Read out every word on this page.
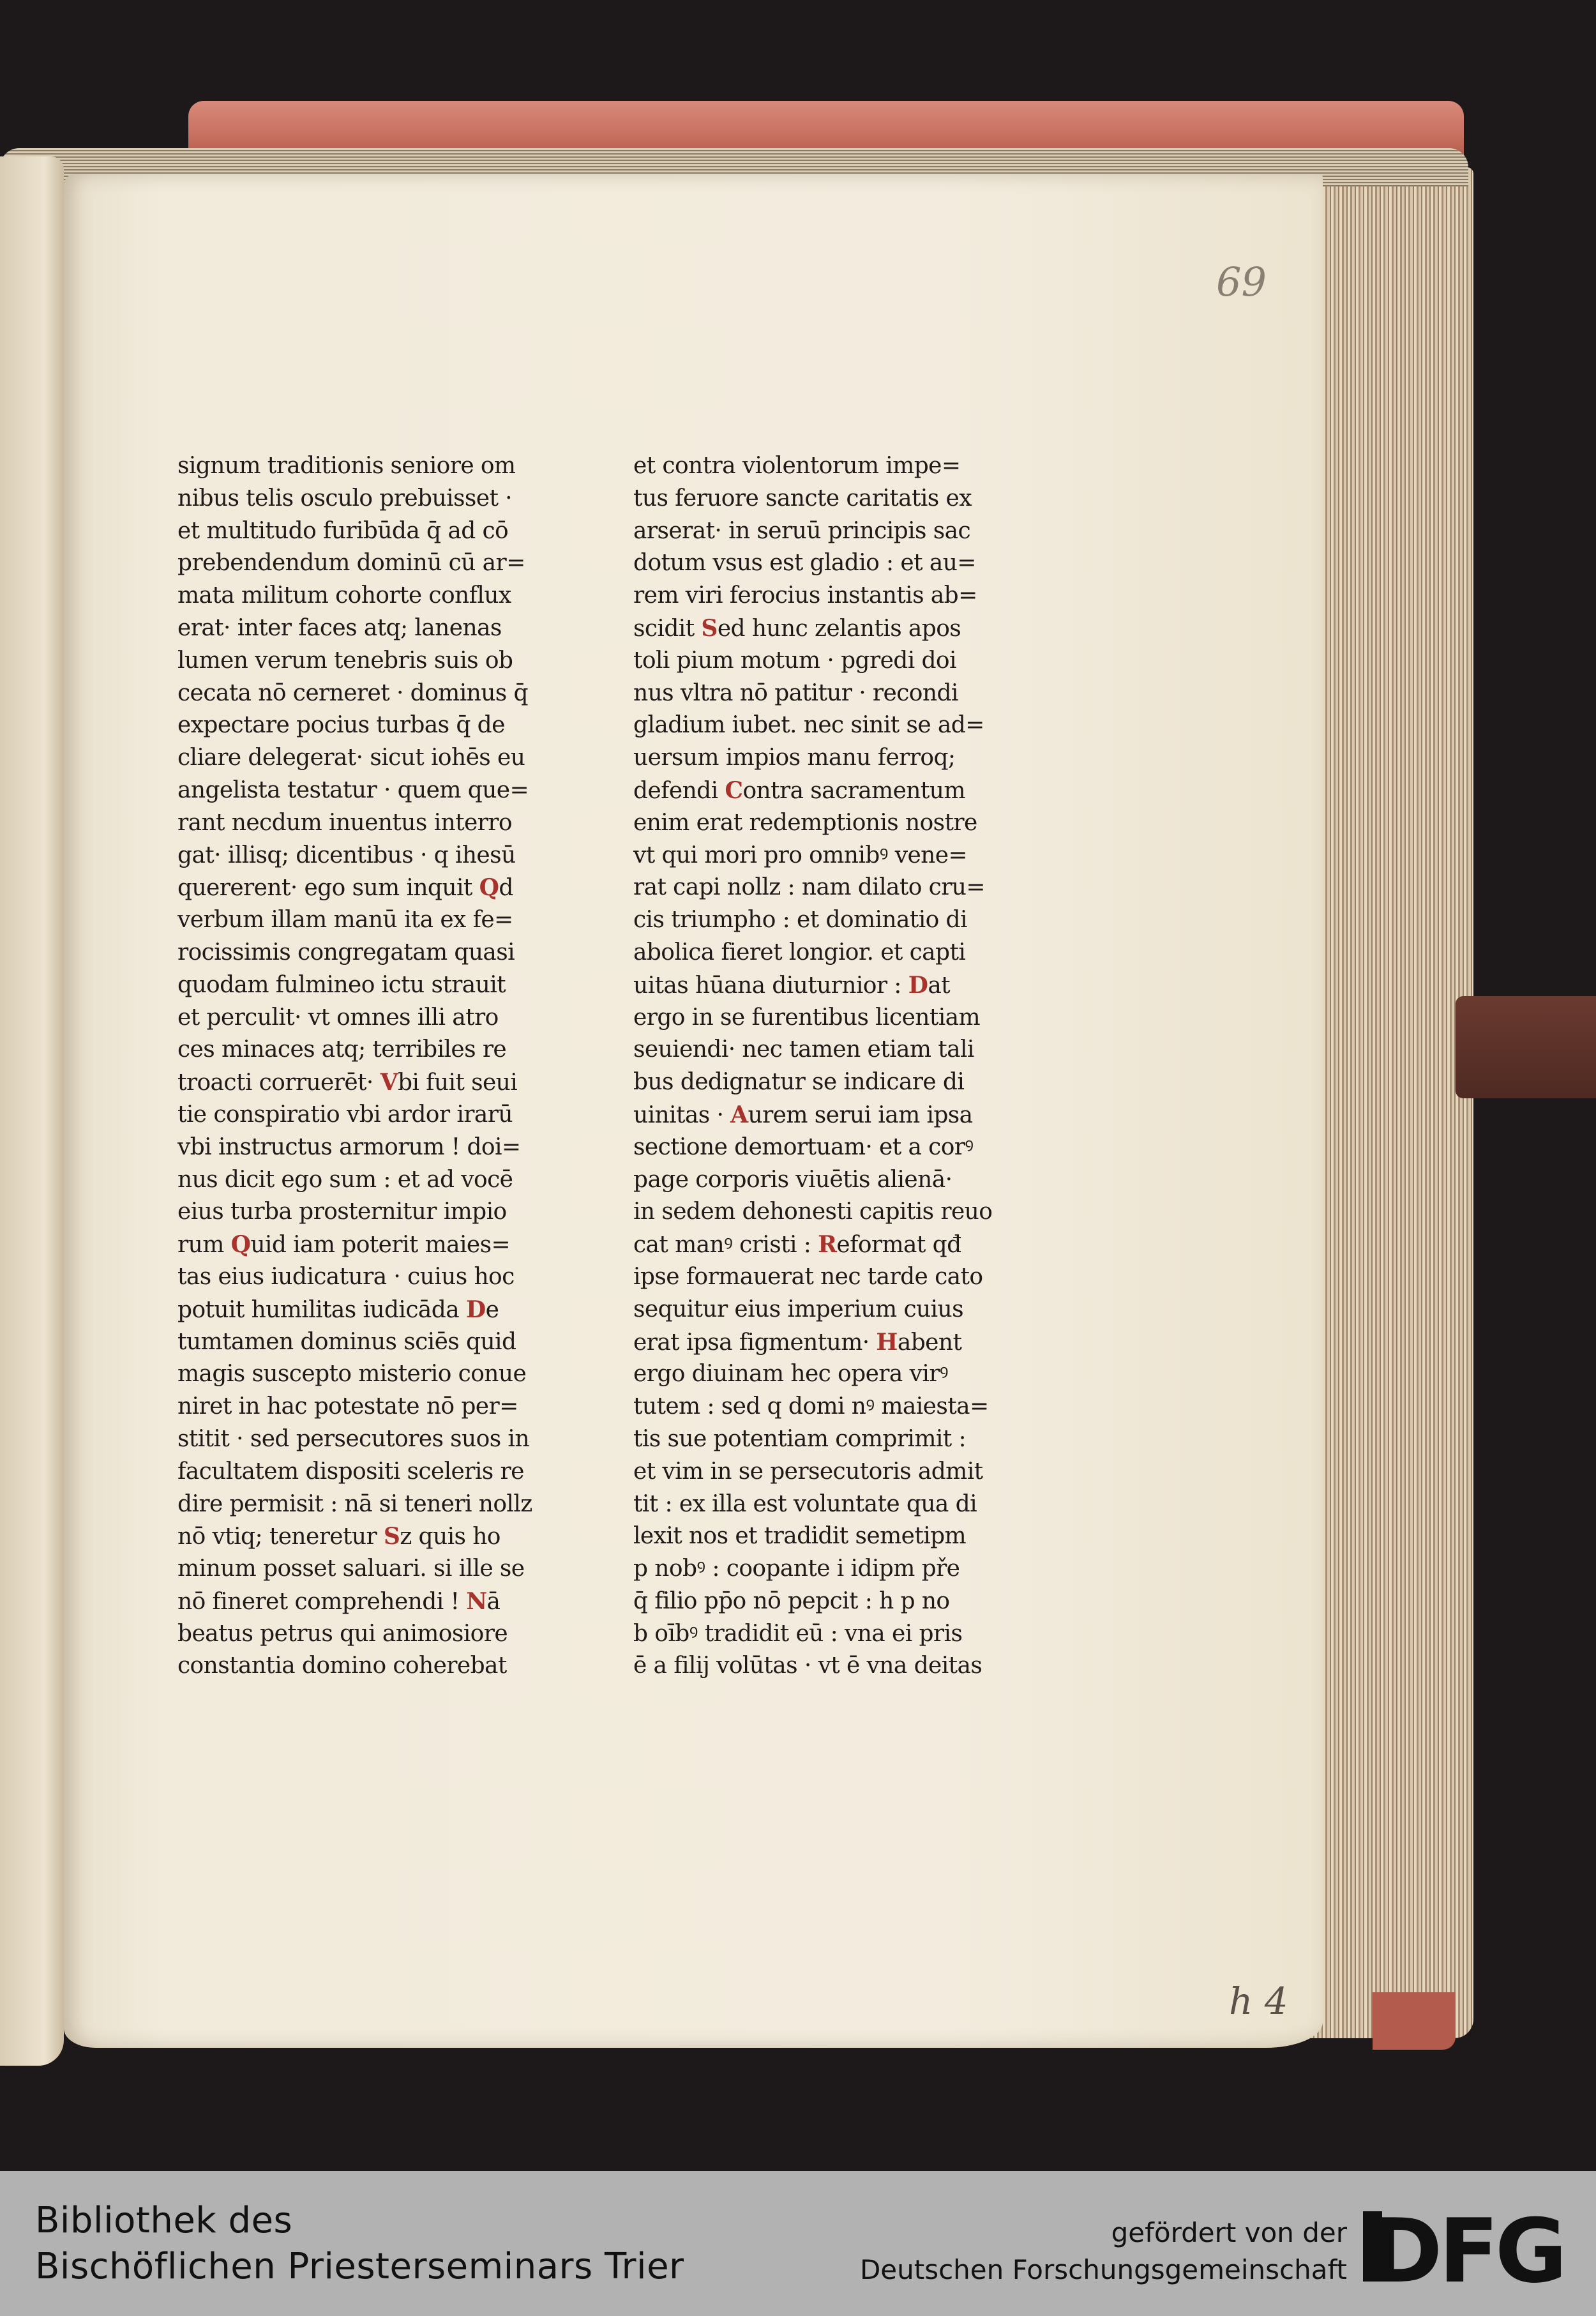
69
h 4
signum traditionis seniore om
nibus telis osculo prebuisset ·
et multitudo furibūda q̄ ad cō
prebendendum dominū cū ar=
mata militum cohorte conflux
erat· inter faces atq; lanenas
lumen verum tenebris suis ob
cecata nō cerneret · dominus q̄
expectare pocius turbas q̄ de
cliare delegerat· sicut iohēs eu
angelista testatur · quem que=
rant necdum inuentus interro
gat· illisq; dicentibus · q ihesū
quererent· ego sum inquit Qd
verbum illam manū ita ex fe=
rocissimis congregatam quasi
quodam fulmineo ictu strauit
et perculit· vt omnes illi atro
ces minaces atq; terribiles re
troacti corruerēt· Vbi fuit seui
tie conspiratio vbi ardor irarū
vbi instructus armorum ! doi=
nus dicit ego sum : et ad vocē
eius turba prosternitur impio
rum Quid iam poterit maies=
tas eius iudicatura · cuius hoc
potuit humilitas iudicāda De
tumtamen dominus sciēs quid
magis suscepto misterio conue
niret in hac potestate nō per=
stitit · sed persecutores suos in
facultatem dispositi sceleris re
dire permisit : nā si teneri nollz
nō vtiq; teneretur Sz quis ho
minum posset saluari. si ille se
nō fineret comprehendi ! Nā
beatus petrus qui animosiore
constantia domino coherebat
et contra violentorum impe=
tus feruore sancte caritatis ex
arserat· in seruū principis sac
dotum vsus est gladio : et au=
rem viri ferocius instantis ab=
scidit Sed hunc zelantis apos
toli pium motum · pgredi doi
nus vltra nō patitur · recondi
gladium iubet. nec sinit se ad=
uersum impios manu ferroq;
defendi Contra sacramentum
enim erat redemptionis nostre
vt qui mori pro omnibꝰ vene=
rat capi nollz : nam dilato cru=
cis triumpho : et dominatio di
abolica fieret longior. et capti
uitas hūana diuturnior : Dat
ergo in se furentibus licentiam
seuiendi· nec tamen etiam tali
bus dedignatur se indicare di
uinitas · Aurem serui iam ipsa
sectione demortuam· et a corꝰ
page corporis viuētis alienā·
in sedem dehonesti capitis reuo
cat manꝰ cristi : Reformat qđ
ipse formauerat nec tarde cato
sequitur eius imperium cuius
erat ipsa figmentum· Habent
ergo diuinam hec opera virꝰ
tutem : sed q domi nꝰ maiesta=
tis sue potentiam comprimit :
et vim in se persecutoris admit
tit : ex illa est voluntate qua di
lexit nos et tradidit semetipm
p nobꝰ : coopante i idipm pře
q̄ filio pp̄o nō pepcit : h p no
b oībꝰ tradidit eū : vna ei pris
ē a filij volūtas · vt ē vna deitas
Bibliothek des
Bischöflichen Priesterseminars Trier
gefördert von der
Deutschen Forschungsgemeinschaft DFG
